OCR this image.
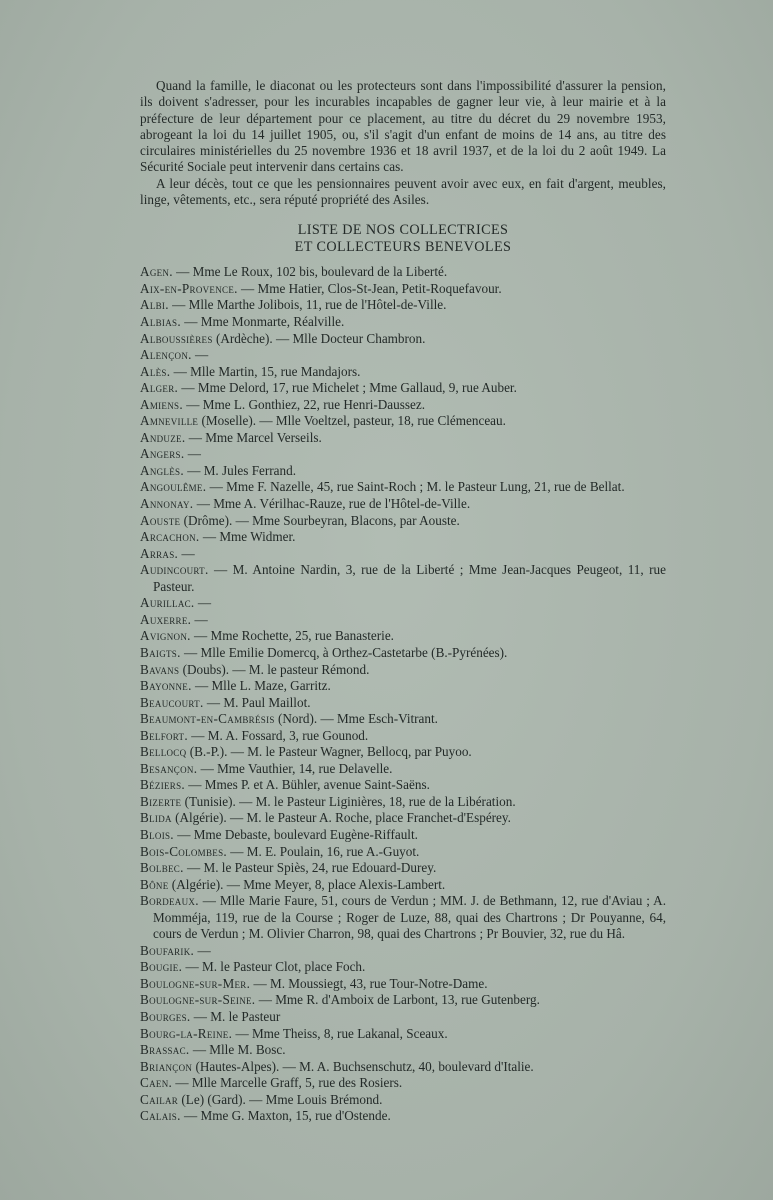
Quand la famille, le diaconat ou les protecteurs sont dans l'impossibilité d'assurer la pension, ils doivent s'adresser, pour les incurables incapables de gagner leur vie, à leur mairie et à la préfecture de leur département pour ce placement, au titre du décret du 29 novembre 1953, abrogeant la loi du 14 juillet 1905, ou, s'il s'agit d'un enfant de moins de 14 ans, au titre des circulaires ministérielles du 25 novembre 1936 et 18 avril 1937, et de la loi du 2 août 1949. La Sécurité Sociale peut intervenir dans certains cas.

A leur décès, tout ce que les pensionnaires peuvent avoir avec eux, en fait d'argent, meubles, linge, vêtements, etc., sera réputé propriété des Asiles.

LISTE DE NOS COLLECTRICES
ET COLLECTEURS BENEVOLES
Agen. — Mme Le Roux, 102 bis, boulevard de la Liberté.
Aix-en-Provence. — Mme Hatier, Clos-St-Jean, Petit-Roquefavour.
Albi. — Mlle Marthe Jolibois, 11, rue de l'Hôtel-de-Ville.
Albias. — Mme Monmarte, Réalville.
Alboussières (Ardèche). — Mlle Docteur Chambron.
Alençon. —
Alès. — Mlle Martin, 15, rue Mandajors.
Alger. — Mme Delord, 17, rue Michelet ; Mme Gallaud, 9, rue Auber.
Amiens. — Mme L. Gonthiez, 22, rue Henri-Daussez.
Amneville (Moselle). — Mlle Voeltzel, pasteur, 18, rue Clémenceau.
Anduze. — Mme Marcel Verseils.
Angers. —
Anglès. — M. Jules Ferrand.
Angoulême. — Mme F. Nazelle, 45, rue Saint-Roch ; M. le Pasteur Lung, 21, rue de Bellat.
Annonay. — Mme A. Vérilhac-Rauze, rue de l'Hôtel-de-Ville.
Aouste (Drôme). — Mme Sourbeyran, Blacons, par Aouste.
Arcachon. — Mme Widmer.
Arras. —
Audincourt. — M. Antoine Nardin, 3, rue de la Liberté ; Mme Jean-Jacques Peugeot, 11, rue Pasteur.
Aurillac. —
Auxerre. —
Avignon. — Mme Rochette, 25, rue Banasterie.
Baigts. — Mlle Emilie Domercq, à Orthez-Castetarbe (B.-Pyrénées).
Bavans (Doubs). — M. le pasteur Rémond.
Bayonne. — Mlle L. Maze, Garritz.
Beaucourt. — M. Paul Maillot.
Beaumont-en-Cambrésis (Nord). — Mme Esch-Vitrant.
Belfort. — M. A. Fossard, 3, rue Gounod.
Bellocq (B.-P.). — M. le Pasteur Wagner, Bellocq, par Puyoo.
Besançon. — Mme Vauthier, 14, rue Delavelle.
Béziers. — Mmes P. et A. Bühler, avenue Saint-Saëns.
Bizerte (Tunisie). — M. le Pasteur Liginières, 18, rue de la Libération.
Blida (Algérie). — M. le Pasteur A. Roche, place Franchet-d'Espérey.
Blois. — Mme Debaste, boulevard Eugène-Riffault.
Bois-Colombes. — M. E. Poulain, 16, rue A.-Guyot.
Bolbec. — M. le Pasteur Spiès, 24, rue Edouard-Durey.
Bône (Algérie). — Mme Meyer, 8, place Alexis-Lambert.
Bordeaux. — Mlle Marie Faure, 51, cours de Verdun ; MM. J. de Bethmann, 12, rue d'Aviau ; A. Momméja, 119, rue de la Course ; Roger de Luze, 88, quai des Chartrons ; Dr Pouyanne, 64, cours de Verdun ; M. Olivier Charron, 98, quai des Chartrons ; Pr Bouvier, 32, rue du Hâ.
Boufarik. —
Bougie. — M. le Pasteur Clot, place Foch.
Boulogne-sur-Mer. — M. Moussiegt, 43, rue Tour-Notre-Dame.
Boulogne-sur-Seine. — Mme R. d'Amboix de Larbont, 13, rue Gutenberg.
Bourges. — M. le Pasteur
Bourg-la-Reine. — Mme Theiss, 8, rue Lakanal, Sceaux.
Brassac. — Mlle M. Bosc.
Briançon (Hautes-Alpes). — M. A. Buchsenschutz, 40, boulevard d'Italie.
Caen. — Mlle Marcelle Graff, 5, rue des Rosiers.
Cailar (Le) (Gard). — Mme Louis Brémond.
Calais. — Mme G. Maxton, 15, rue d'Ostende.
